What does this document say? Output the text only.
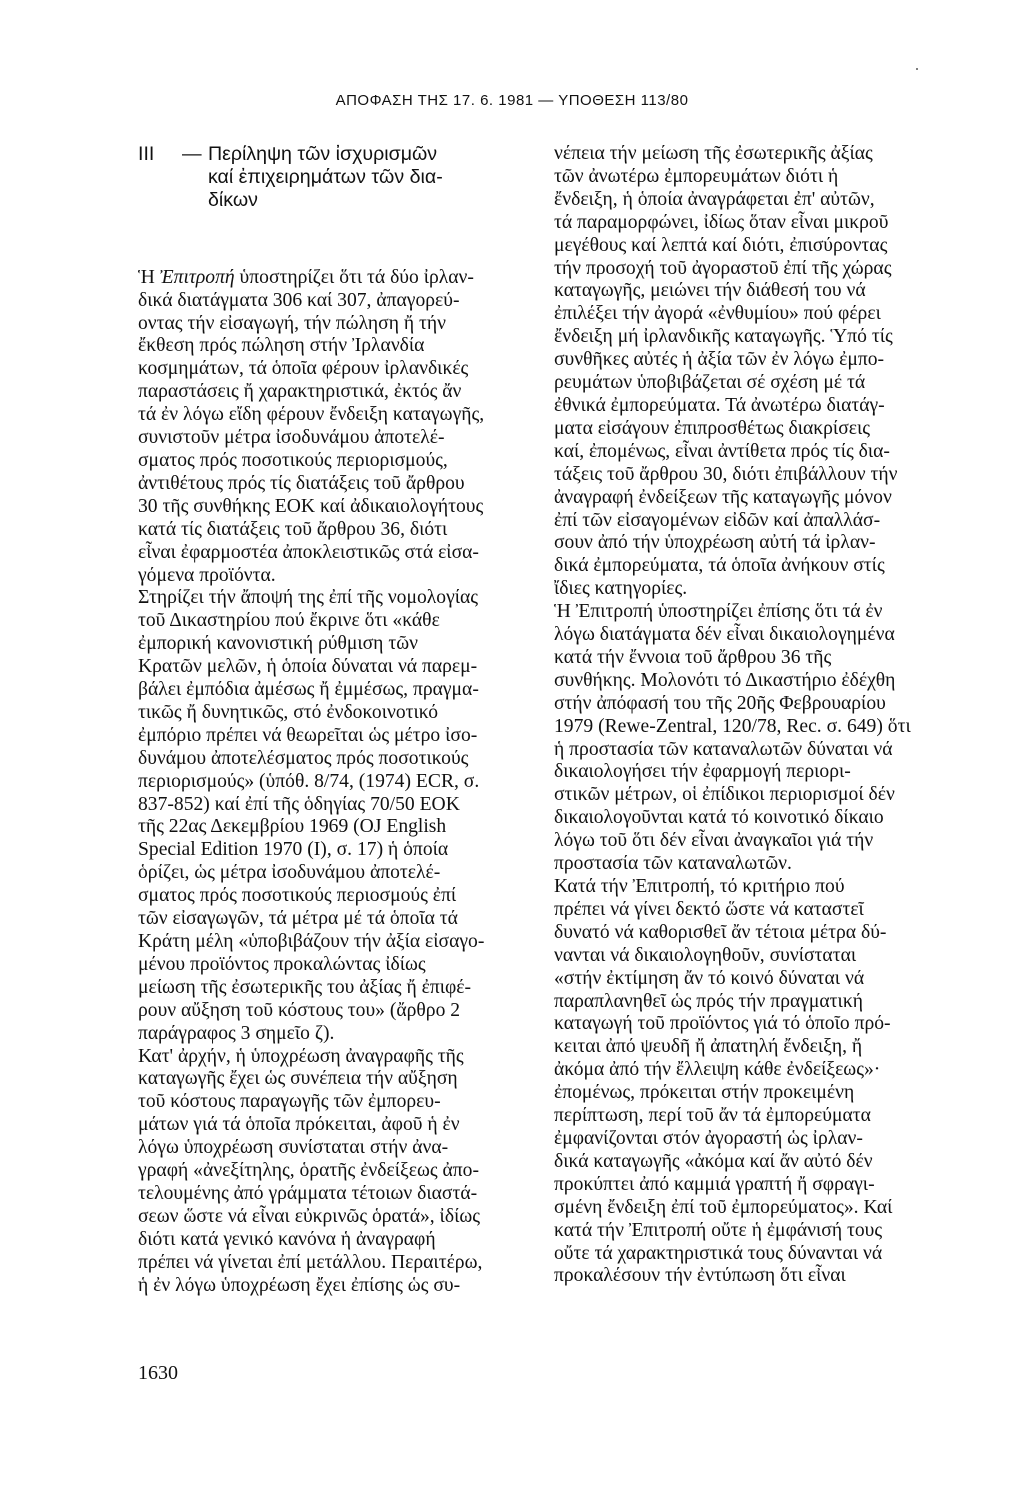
ΑΠΟΦΑΣΗ ΤΗΣ 17. 6. 1981 — ΥΠΟΘΕΣΗ 113/80
III	— Περίληψη τῶν ἰσχυρισμῶν
καί ἐπιχειρημάτων τῶν δια-
δίκων

Ἡ Ἐπιτροπή ὑποστηρίζει ὅτι τά δύο ἰρλαν-
δικά διατάγματα 306 καί 307, ἀπαγορεύ-
οντας τήν εἰσαγωγή, τήν πώληση ἤ τήν
ἔκθεση πρός πώληση στήν Ἰρλανδία
κοσμημάτων, τά ὁποῖα φέρουν ἰρλανδικές
παραστάσεις ἤ χαρακτηριστικά, ἐκτός ἄν
τά ἐν λόγω εἴδη φέρουν ἔνδειξη καταγωγῆς,
συνιστοῦν μέτρα ἰσοδυνάμου ἀποτελέ-
σματος πρός ποσοτικούς περιορισμούς,
ἀντιθέτους πρός τίς διατάξεις τοῦ ἄρθρου
30 τῆς συνθήκης ΕΟΚ καί ἀδικαιολογήτους
κατά τίς διατάξεις τοῦ ἄρθρου 36, διότι
εἶναι ἐφαρμοστέα ἀποκλειστικῶς στά εἰσα-
γόμενα προϊόντα.

Στηρίζει τήν ἄποψή της ἐπί τῆς νομολογίας
τοῦ Δικαστηρίου πού ἔκρινε ὅτι «κάθε
ἐμπορική κανονιστική ρύθμιση τῶν
Κρατῶν μελῶν, ἡ ὁποία δύναται νά παρεμ-
βάλει ἐμπόδια ἀμέσως ἤ ἐμμέσως, πραγμα-
τικῶς ἤ δυνητικῶς, στό ἐνδοκοινοτικό
ἐμπόριο πρέπει νά θεωρεῖται ὡς μέτρο ἰσο-
δυνάμου ἀποτελέσματος πρός ποσοτικούς
περιορισμούς» (ὑπόθ. 8/74, (1974) ECR, σ.
837-852) καί ἐπί τῆς ὁδηγίας 70/50 ΕΟΚ
τῆς 22ας Δεκεμβρίου 1969 (OJ English
Special Edition 1970 (I), σ. 17) ἡ ὁποία
ὁρίζει, ὡς μέτρα ἰσοδυνάμου ἀποτελέ-
σματος πρός ποσοτικούς περιοσμούς ἐπί
τῶν εἰσαγωγῶν, τά μέτρα μέ τά ὁποῖα τά
Κράτη μέλη «ὑποβιβάζουν τήν ἀξία εἰσαγο-
μένου προϊόντος προκαλώντας ἰδίως
μείωση τῆς ἐσωτερικῆς του ἀξίας ἤ ἐπιφέ-
ρουν αὔξηση τοῦ κόστους του» (ἄρθρο 2
παράγραφος 3 σημεῖο ζ).

Κατ' ἀρχήν, ἡ ὑποχρέωση ἀναγραφῆς τῆς
καταγωγῆς ἔχει ὡς συνέπεια τήν αὔξηση
τοῦ κόστους παραγωγῆς τῶν ἐμπορευ-
μάτων γιά τά ὁποῖα πρόκειται, ἀφοῦ ἡ ἐν
λόγω ὑποχρέωση συνίσταται στήν ἀνα-
γραφή «ἀνεξίτηλης, ὁρατῆς ἐνδείξεως ἀπο-
τελουμένης ἀπό γράμματα τέτοιων διαστά-
σεων ὥστε νά εἶναι εὐκρινῶς ὁρατά», ἰδίως
διότι κατά γενικό κανόνα ἡ ἀναγραφή
πρέπει νά γίνεται ἐπί μετάλλου. Περαιτέρω,
ἡ ἐν λόγω ὑποχρέωση ἔχει ἐπίσης ὡς συ-

νέπεια τήν μείωση τῆς ἐσωτερικῆς ἀξίας
τῶν ἀνωτέρω ἐμπορευμάτων διότι ἡ
ἔνδειξη, ἡ ὁποία ἀναγράφεται ἐπ' αὐτῶν,
τά παραμορφώνει, ἰδίως ὅταν εἶναι μικροῦ
μεγέθους καί λεπτά καί διότι, ἐπισύροντας
τήν προσοχή τοῦ ἀγοραστοῦ ἐπί τῆς χώρας
καταγωγῆς, μειώνει τήν διάθεσή του νά
ἐπιλέξει τήν ἀγορά «ἐνθυμίου» πού φέρει
ἔνδειξη μή ἰρλανδικῆς καταγωγῆς. Ὑπό τίς
συνθῆκες αὐτές ἡ ἀξία τῶν ἐν λόγω ἐμπο-
ρευμάτων ὑποβιβάζεται σέ σχέση μέ τά
ἐθνικά ἐμπορεύματα. Τά ἀνωτέρω διατάγ-
ματα εἰσάγουν ἐπιπροσθέτως διακρίσεις
καί, ἐπομένως, εἶναι ἀντίθετα πρός τίς δια-
τάξεις τοῦ ἄρθρου 30, διότι ἐπιβάλλουν τήν
ἀναγραφή ἐνδείξεων τῆς καταγωγῆς μόνον
ἐπί τῶν εἰσαγομένων εἰδῶν καί ἀπαλλάσ-
σουν ἀπό τήν ὑποχρέωση αὐτή τά ἰρλαν-
δικά ἐμπορεύματα, τά ὁποῖα ἀνήκουν στίς
ἴδιες κατηγορίες.

Ἡ Ἐπιτροπή ὑποστηρίζει ἐπίσης ὅτι τά ἐν
λόγω διατάγματα δέν εἶναι δικαιολογημένα
κατά τήν ἔννοια τοῦ ἄρθρου 36 τῆς
συνθήκης. Μολονότι τό Δικαστήριο ἐδέχθη
στήν ἀπόφασή του τῆς 20ῆς Φεβρουαρίου
1979 (Rewe-Zentral, 120/78, Rec. σ. 649) ὅτι
ἡ προστασία τῶν καταναλωτῶν δύναται νά
δικαιολογήσει τήν ἐφαρμογή περιορι-
στικῶν μέτρων, οἱ ἐπίδικοι περιορισμοί δέν
δικαιολογοῦνται κατά τό κοινοτικό δίκαιο
λόγω τοῦ ὅτι δέν εἶναι ἀναγκαῖοι γιά τήν
προστασία τῶν καταναλωτῶν.

Κατά τήν Ἐπιτροπή, τό κριτήριο πού
πρέπει νά γίνει δεκτό ὥστε νά καταστεῖ
δυνατό νά καθορισθεῖ ἄν τέτοια μέτρα δύ-
νανται νά δικαιολογηθοῦν, συνίσταται
«στήν ἐκτίμηση ἄν τό κοινό δύναται νά
παραπλανηθεῖ ὡς πρός τήν πραγματική
καταγωγή τοῦ προϊόντος γιά τό ὁποῖο πρό-
κειται ἀπό ψευδῆ ἤ ἀπατηλή ἔνδειξη, ἤ
ἀκόμα ἀπό τήν ἔλλειψη κάθε ἐνδείξεως»·
ἐπομένως, πρόκειται στήν προκειμένη
περίπτωση, περί τοῦ ἄν τά ἐμπορεύματα
ἐμφανίζονται στόν ἀγοραστή ὡς ἰρλαν-
δικά καταγωγῆς «ἀκόμα καί ἄν αὐτό δέν
προκύπτει ἀπό καμμιά γραπτή ἤ σφραγι-
σμένη ἔνδειξη ἐπί τοῦ ἐμπορεύματος». Καί
κατά τήν Ἐπιτροπή οὔτε ἡ ἐμφάνισή τους
οὔτε τά χαρακτηριστικά τους δύνανται νά
προκαλέσουν τήν ἐντύπωση ὅτι εἶναι

1630
